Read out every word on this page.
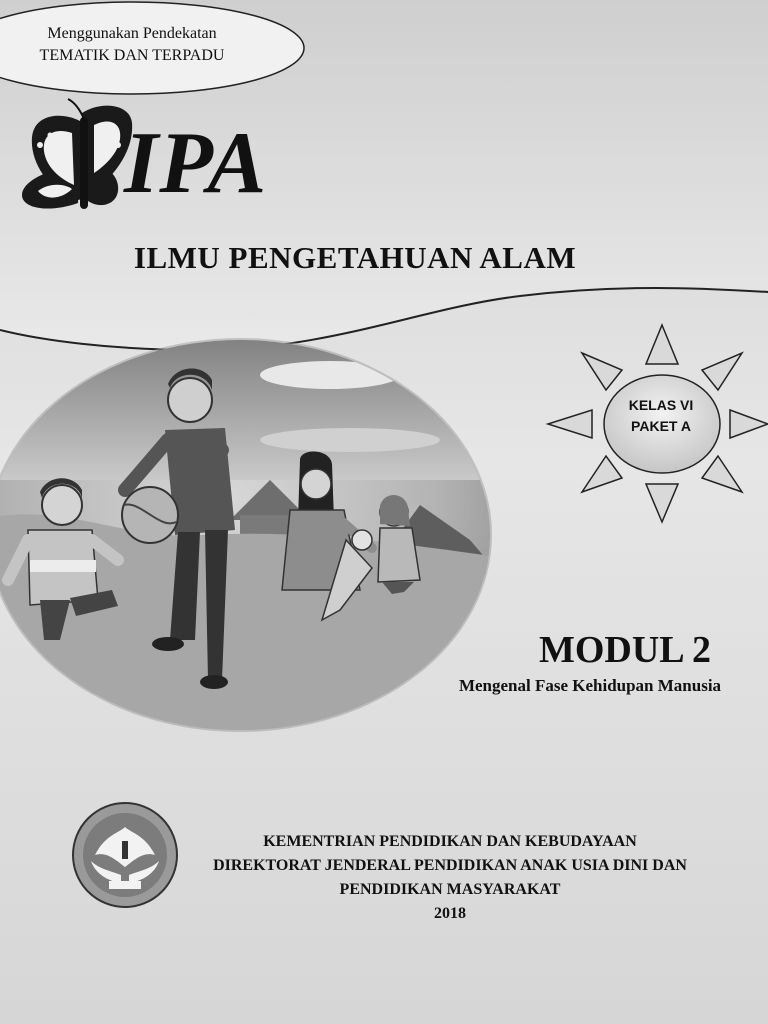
Menggunakan Pendekatan
TEMATIK DAN TERPADU
IPA
ILMU PENGETAHUAN ALAM
KELAS VI
PAKET A
MODUL 2
Mengenal Fase Kehidupan Manusia
KEMENTRIAN PENDIDIKAN DAN KEBUDAYAAN
DIREKTORAT JENDERAL PENDIDIKAN ANAK USIA DINI DAN
PENDIDIKAN MASYARAKAT
2018
